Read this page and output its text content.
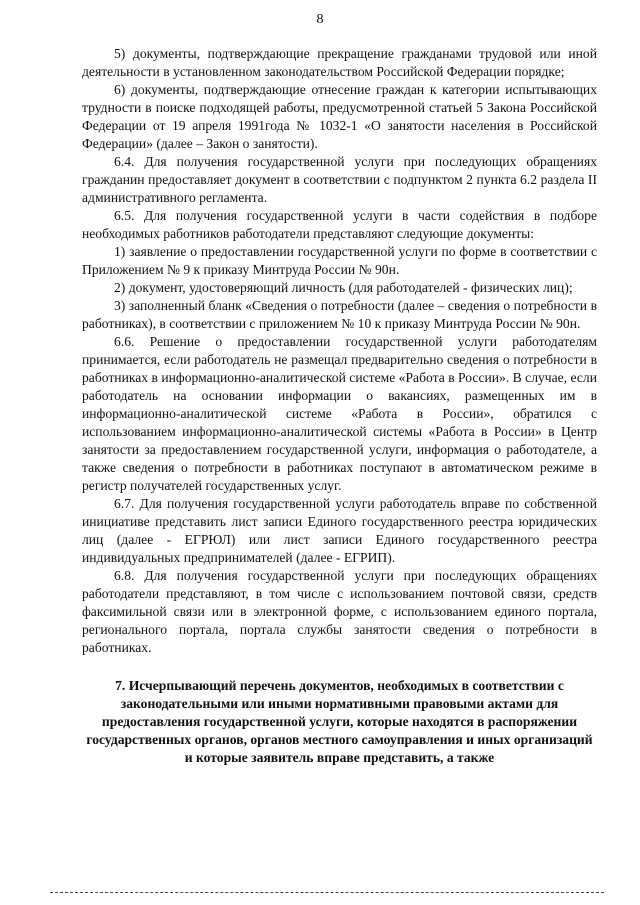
8

5) документы, подтверждающие прекращение гражданами трудовой или иной деятельности в установленном законодательством Российской Федерации порядке;

6) документы, подтверждающие отнесение граждан к категории испытывающих трудности в поиске подходящей работы, предусмотренной статьей 5 Закона Российской Федерации от 19 апреля 1991года № 1032-1 «О занятости населения в Российской Федерации» (далее – Закон о занятости).

6.4. Для получения государственной услуги при последующих обращениях гражданин предоставляет документ в соответствии с подпунктом 2 пункта 6.2 раздела II административного регламента.

6.5. Для получения государственной услуги в части содействия в подборе необходимых работников работодатели представляют следующие документы:

1) заявление о предоставлении государственной услуги по форме в соответствии с Приложением № 9 к приказу Минтруда России № 90н.

2) документ, удостоверяющий личность (для работодателей - физических лиц);

3) заполненный бланк «Сведения о потребности (далее – сведения о потребности в работниках), в соответствии с приложением № 10 к приказу Минтруда России № 90н.

6.6. Решение о предоставлении государственной услуги работодателям принимается, если работодатель не размещал предварительно сведения о потребности в работниках в информационно-аналитической системе «Работа в России». В случае, если работодатель на основании информации о вакансиях, размещенных им в информационно-аналитической системе «Работа в России», обратился с использованием информационно-аналитической системы «Работа в России» в Центр занятости за предоставлением государственной услуги, информация о работодателе, а также сведения о потребности в работниках поступают в автоматическом режиме в регистр получателей государственных услуг.

6.7. Для получения государственной услуги работодатель вправе по собственной инициативе представить лист записи Единого государственного реестра юридических лиц (далее - ЕГРЮЛ) или лист записи Единого государственного реестра индивидуальных предпринимателей (далее - ЕГРИП).

6.8. Для получения государственной услуги при последующих обращениях работодатели представляют, в том числе с использованием почтовой связи, средств факсимильной связи или в электронной форме, с использованием единого портала, регионального портала, портала службы занятости сведения о потребности в работниках.

7. Исчерпывающий перечень документов, необходимых в соответствии с законодательными или иными нормативными правовыми актами для предоставления государственной услуги, которые находятся в распоряжении государственных органов, органов местного самоуправления и иных организаций и которые заявитель вправе представить, а также
